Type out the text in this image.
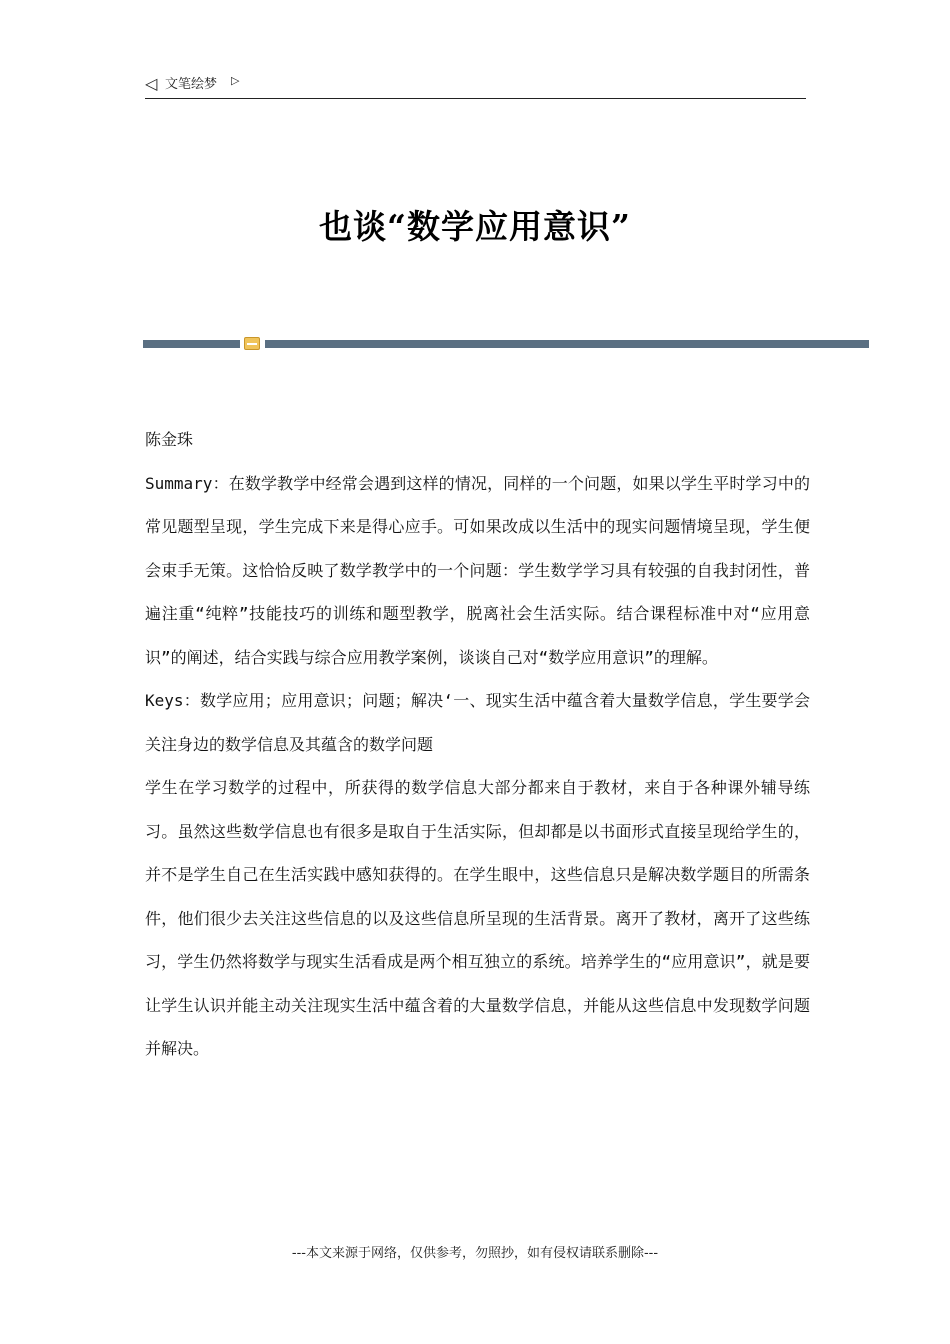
◁ 文笔绘梦 ▷
也谈“数学应用意识”

陈金珠

Summary：在数学教学中经常会遇到这样的情况，同样的一个问题，如果以学生平时学习中的常见题型呈现，学生完成下来是得心应手。可如果改成以生活中的现实问题情境呈现，学生便会束手无策。这恰恰反映了数学教学中的一个问题：学生数学学习具有较强的自我封闭性，普遍注重“纯粹”技能技巧的训练和题型教学，脱离社会生活实际。结合课程标准中对“应用意识”的阐述，结合实践与综合应用教学案例，谈谈自己对“数学应用意识”的理解。

Keys：数学应用；应用意识；问题；解决‘一、现实生活中蕴含着大量数学信息，学生要学会关注身边的数学信息及其蕴含的数学问题

学生在学习数学的过程中，所获得的数学信息大部分都来自于教材，来自于各种课外辅导练习。虽然这些数学信息也有很多是取自于生活实际，但却都是以书面形式直接呈现给学生的，并不是学生自己在生活实践中感知获得的。在学生眼中，这些信息只是解决数学题目的所需条件，他们很少去关注这些信息的以及这些信息所呈现的生活背景。离开了教材，离开了这些练习，学生仍然将数学与现实生活看成是两个相互独立的系统。培养学生的“应用意识”，就是要让学生认识并能主动关注现实生活中蕴含着的大量数学信息，并能从这些信息中发现数学问题并解决。

---本文来源于网络，仅供参考，勿照抄，如有侵权请联系删除---
